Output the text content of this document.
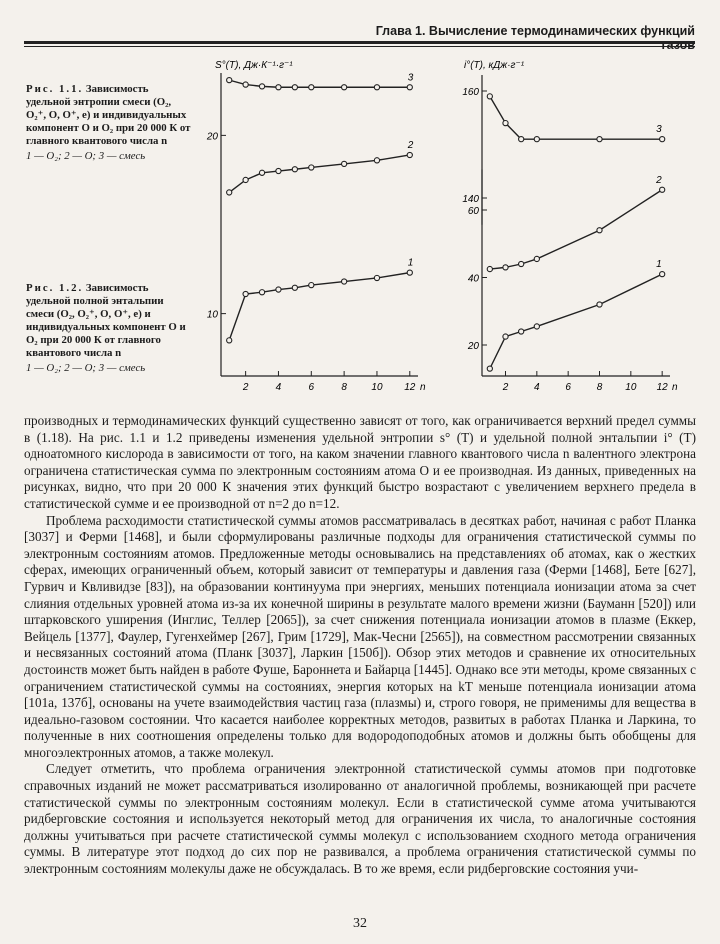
Глава 1. Вычисление термодинамических функций газов
Рис. 1.1. Зависимость удельной энтропии смеси (O₂, O₂⁺, O, O⁺, e) и индивидуальных компонент O и O₂ при 20 000 К от главного квантового числа n
1 — O₂; 2 — O; 3 — смесь
Рис. 1.2. Зависимость удельной полной энтальпии смеси (O₂, O₂⁺, O, O⁺, e) и индивидуальных компонент O и O₂ при 20 000 К от главного квантового числа n
1 — O₂; 2 — O; 3 — смесь
S°(T), Дж·К⁻¹·г⁻¹
2	4	6	8 10 12 n
10
20
1
2
3
i°(T), кДж·г⁻¹
2	4	6	8 10 12 n
20
40
60
140
160
1
2
3

производных и термодинамических функций существенно зависят от того, как ограничивается верхний предел суммы в (1.18). На рис. 1.1 и 1.2 приведены изменения удельной энтропии s° (T) и удельной полной энтальпии i° (T) одноатомного кислорода в зависимости от того, на каком значении главного квантового числа n валентного электрона ограничена статистическая сумма по электронным состояниям атома O и ее производная. Из данных, приведенных на рисунках, видно, что при 20 000 К значения этих функций быстро возрастают с увеличением верхнего предела в статистической сумме и ее производной от n=2 до n=12.

Проблема расходимости статистической суммы атомов рассматривалась в десятках работ, начиная с работ Планка [3037] и Ферми [1468], и были сформулированы различные подходы для ограничения статистической суммы по электронным состояниям атомов. Предложенные методы основывались на представлениях об атомах, как о жестких сферах, имеющих ограниченный объем, который зависит от температуры и давления газа (Ферми [1468], Бете [627], Гурвич и Квливидзе [83]), на образовании континуума при энергиях, меньших потенциала ионизации атома за счет слияния отдельных уровней атома из-за их конечной ширины в результате малого времени жизни (Бауманн [520]) или штарковского уширения (Инглис, Теллер [2065]), за счет снижения потенциала ионизации атомов в плазме (Еккер, Вейцель [1377], Фаулер, Гугенхеймер [267], Грим [1729], Мак-Чесни [2565]), на совместном рассмотрении связанных и несвязанных состояний атома (Планк [3037], Ларкин [150б]). Обзор этих методов и сравнение их относительных достоинств может быть найден в работе Фуше, Бароннета и Байарца [1445]. Однако все эти методы, кроме связанных с ограничением статистической суммы на состояниях, энергия которых на kT меньше потенциала ионизации атома [101а, 137б], основаны на учете взаимодействия частиц газа (плазмы) и, строго говоря, не применимы для вещества в идеально-газовом состоянии. Что касается наиболее корректных методов, развитых в работах Планка и Ларкина, то полученные в них соотношения определены только для водородоподобных атомов и должны быть обобщены для многоэлектронных атомов, а также молекул.

Следует отметить, что проблема ограничения электронной статистической суммы атомов при подготовке справочных изданий не может рассматриваться изолированно от аналогичной проблемы, возникающей при расчете статистической суммы по электронным состояниям молекул. Если в статистической сумме атома учитываются ридберговские состояния и используется некоторый метод для ограничения их числа, то аналогичные состояния должны учитываться при расчете статистической суммы молекул с использованием сходного метода ограничения суммы. В литературе этот подход до сих пор не развивался, а проблема ограничения статистической суммы по электронным состояниям молекулы даже не обсуждалась. В то же время, если ридберговские состояния учи-

32
